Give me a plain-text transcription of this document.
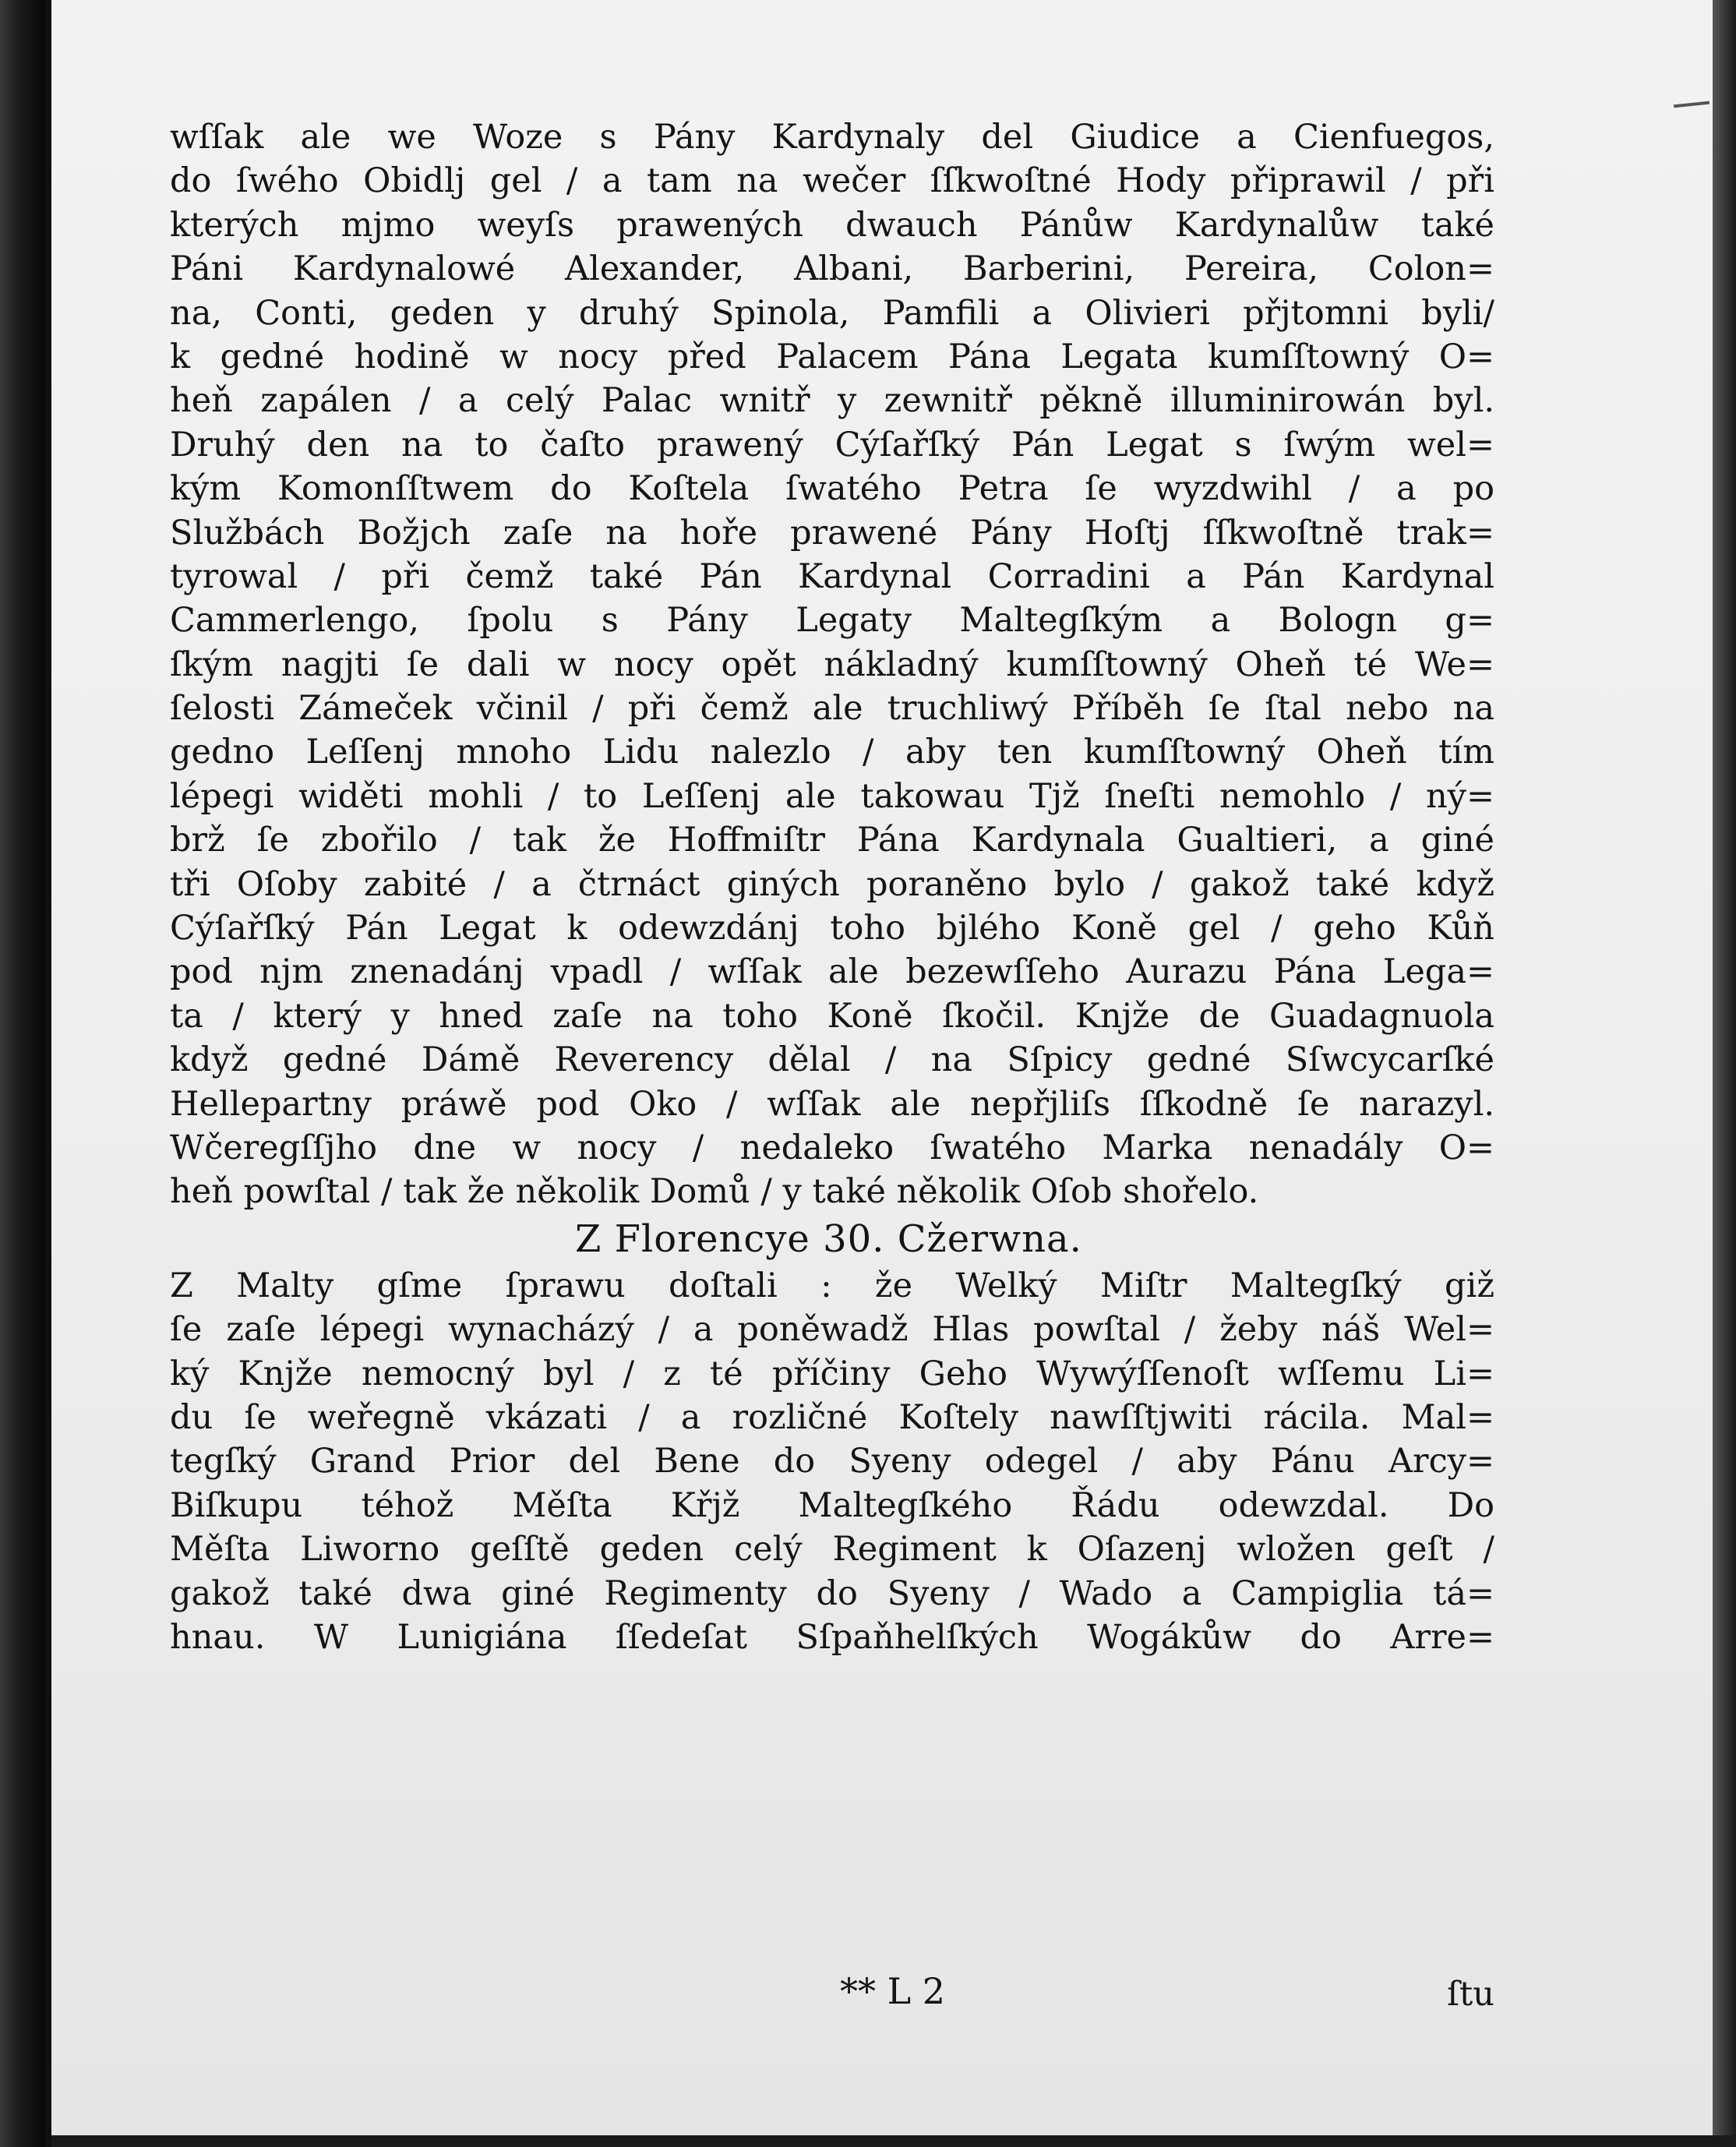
wſſak ale we Woze s Pány Kardynaly del Giudice a Cienfuegos,
do ſwého Obidlj gel / a tam na wečer ſſkwoſtné Hody připrawil / při
kterých mjmo weyſs prawených dwauch Pánůw Kardynalůw také
Páni Kardynalowé Alexander, Albani, Barberini, Pereira, Colon=
na, Conti, geden y druhý Spinola, Pamfili a Olivieri přjtomni byli/
k gedné hodině w nocy před Palacem Pána Legata kumſſtowný O=
heň zapálen / a celý Palac wnitř y zewnitř pěkně illuminirowán byl.
Druhý den na to čaſto prawený Cýſařſký Pán Legat s ſwým wel=
kým Komonſſtwem do Koſtela ſwatého Petra ſe wyzdwihl / a po
Službách Božjch zaſe na hoře prawené Pány Hoſtj ſſkwoſtně trak=
tyrowal / při čemž také Pán Kardynal Corradini a Pán Kardynal
Cammerlengo, ſpolu s Pány Legaty Maltegſkým a Bologn g=
ſkým nagjti ſe dali w nocy opět nákladný kumſſtowný Oheň té We=
ſelosti Zámeček včinil / při čemž ale truchliwý Příběh ſe ſtal nebo na
gedno Leſſenj mnoho Lidu nalezlo / aby ten kumſſtowný Oheň tím
lépegi widěti mohli / to Leſſenj ale takowau Tjž ſneſti nemohlo / ný=
brž ſe zbořilo / tak že Hoffmiſtr Pána Kardynala Gualtieri, a giné
tři Oſoby zabité / a čtrnáct giných poraněno bylo / gakož také když
Cýſařſký Pán Legat k odewzdánj toho bjlého Koně gel / geho Kůň
pod njm znenadánj vpadl / wſſak ale bezewſſeho Aurazu Pána Lega=
ta / který y hned zaſe na toho Koně ſkočil. Knjže de Guadagnuola
když gedné Dámě Reverency dělal / na Sſpicy gedné Sſwcycarſké
Hellepartny práwě pod Oko / wſſak ale nepřjliſs ſſkodně ſe narazyl.
Wčeregſſjho dne w nocy / nedaleko ſwatého Marka nenadály O=
heň powſtal / tak že několik Domů / y také několik Oſob shořelo.
Z Florencye 30. Cžerwna.
Z Malty gſme ſprawu doſtali : že Welký Miſtr Maltegſký giž
ſe zaſe lépegi wynacházý / a poněwadž Hlas powſtal / žeby náš Wel=
ký Knjže nemocný byl / z té příčiny Geho Wywýſſenoſt wſſemu Li=
du ſe weřegně vkázati / a rozličné Koſtely nawſſtjwiti rácila. Mal=
tegſký Grand Prior del Bene do Syeny odegel / aby Pánu Arcy=
Biſkupu téhož Měſta Křjž Maltegſkého Řádu odewzdal. Do
Měſta Liworno geſſtě geden celý Regiment k Oſazenj wložen geſt /
gakož také dwa giné Regimenty do Syeny / Wado a Campiglia tá=
hnau. W Lunigiána ſſedeſat Sſpaňhelſkých Wogákůw do Arre=
** L 2	ſtu
